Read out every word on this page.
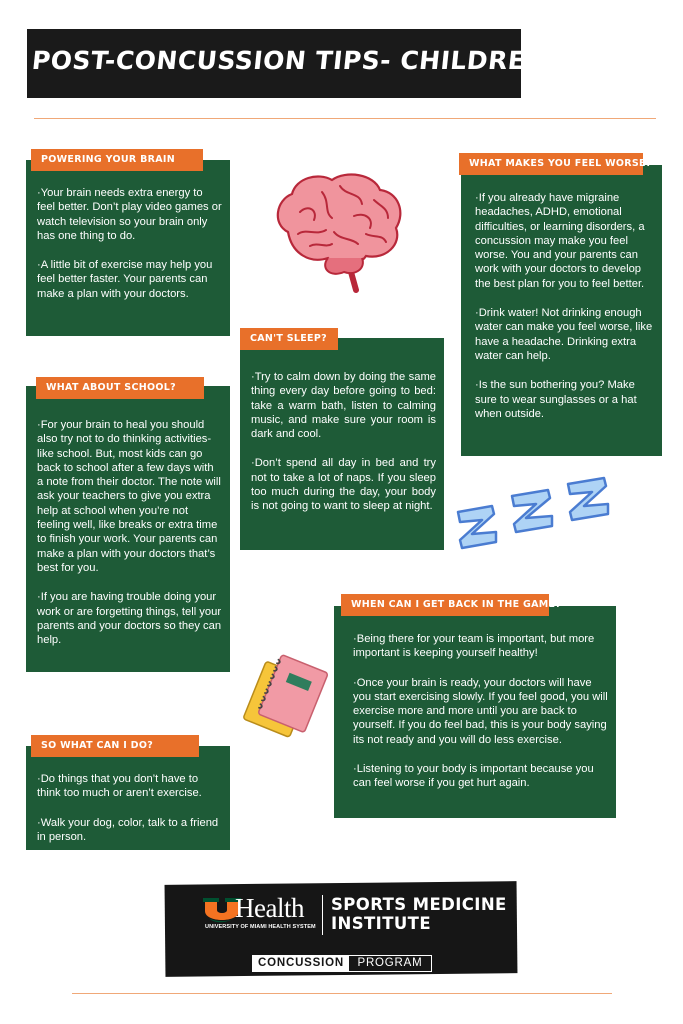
POST-CONCUSSION TIPS- CHILDREN

·Your brain needs extra energy to feel better. Don’t play video games or watch television so your brain only has one thing to do.

·A little bit of exercise may help you feel better faster. Your parents can make a plan with your doctors.

POWERING YOUR BRAIN

·For your brain to heal you should also try not to do thinking activities- like school. But, most kids can go back to school after a few days with a note from their doctor. The note will ask your teachers to give you extra help at school when you’re not feeling well, like breaks or extra time to finish your work. Your parents can make a plan with your doctors that’s best for you.

·If you are having trouble doing your work or are forgetting things, tell your parents and your doctors so they can help.

WHAT ABOUT SCHOOL?

·Try to calm down by doing the same thing every day before going to bed: take a warm bath, listen to calming music, and make sure your room is dark and cool.

·Don’t spend all day in bed and try not to take a lot of naps. If you sleep too much during the day, your body is not going to want to sleep at night.

CAN'T SLEEP?

·If you already have migraine headaches, ADHD, emotional difficulties, or learning disorders, a concussion may make you feel worse. You and your parents can work with your doctors to develop the best plan for you to feel better.

·Drink water! Not drinking enough water can make you feel worse, like have a headache. Drinking extra water can help.

·Is the sun bothering you? Make sure to wear sunglasses or a hat when outside.

WHAT MAKES YOU FEEL WORSE?

·Being there for your team is important, but more important is keeping yourself healthy!

·Once your brain is ready, your doctors will have you start exercising slowly. If you feel good, you will exercise more and more until you are back to yourself. If you do feel bad, this is your body saying its not ready and you will do less exercise.

·Listening to your body is important because you can feel worse if you get hurt again.

WHEN CAN I GET BACK IN THE GAME?

·Do things that you don’t have to think too much or aren’t exercise.

·Walk your dog, color, talk to a friend in person.

SO WHAT CAN I DO?
Health
UNIVERSITY OF MIAMI HEALTH SYSTEM
SPORTS MEDICINE
INSTITUTE
CONCUSSION	PROGRAM
